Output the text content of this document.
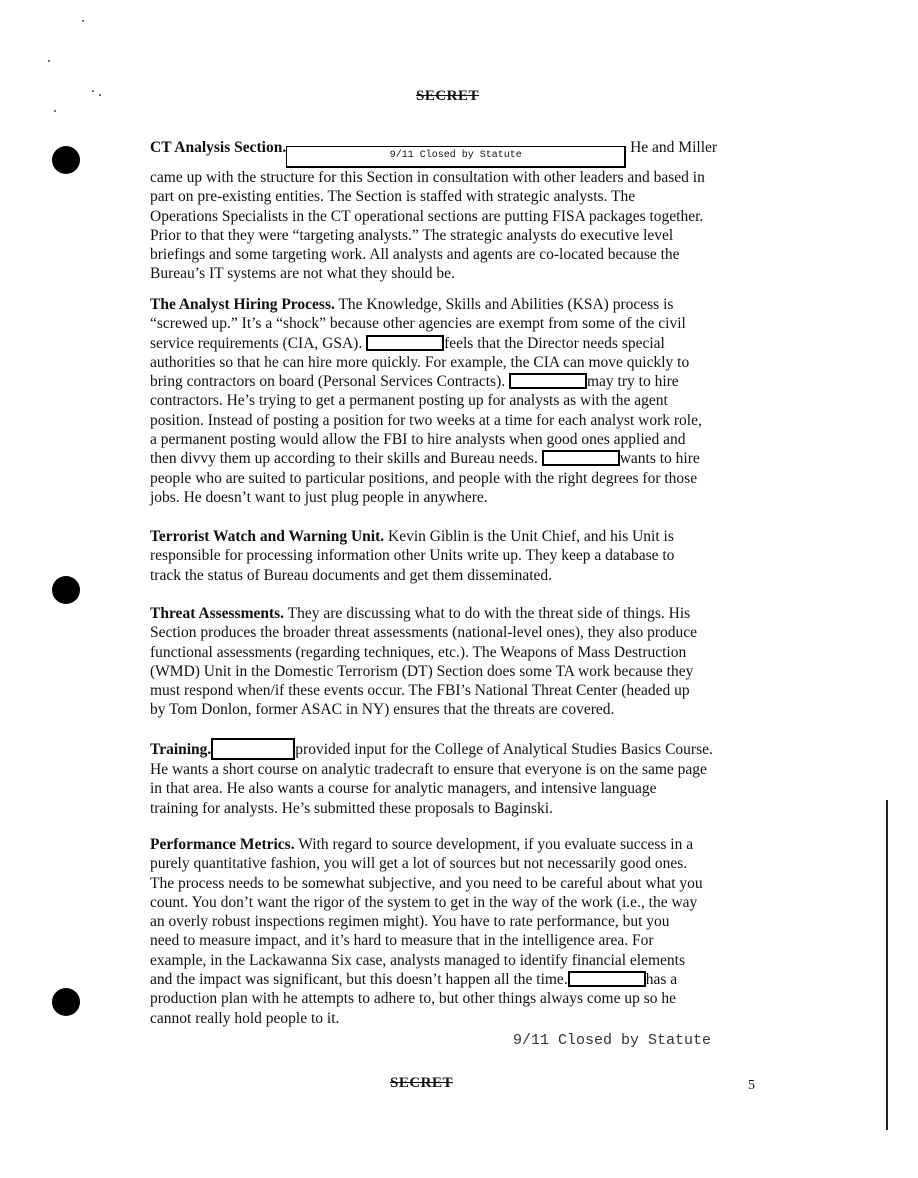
SECRET
CT Analysis Section.	9/11 Closed by Statute	He and Miller
came up with the structure for this Section in consultation with other leaders and based in
part on pre-existing entities. The Section is staffed with strategic analysts. The
Operations Specialists in the CT operational sections are putting FISA packages together.
Prior to that they were “targeting analysts.” The strategic analysts do executive level
briefings and some targeting work. All analysts and agents are co-located because the
Bureau’s IT systems are not what they should be.
The Analyst Hiring Process. The Knowledge, Skills and Abilities (KSA) process is
“screwed up.” It’s a “shock” because other agencies are exempt from some of the civil
service requirements (CIA, GSA).	feels that the Director needs special
authorities so that he can hire more quickly. For example, the CIA can move quickly to
bring contractors on board (Personal Services Contracts).	may try to hire
contractors. He’s trying to get a permanent posting up for analysts as with the agent
position. Instead of posting a position for two weeks at a time for each analyst work role,
a permanent posting would allow the FBI to hire analysts when good ones applied and
then divvy them up according to their skills and Bureau needs.	wants to hire
people who are suited to particular positions, and people with the right degrees for those
jobs. He doesn’t want to just plug people in anywhere.
Terrorist Watch and Warning Unit. Kevin Giblin is the Unit Chief, and his Unit is
responsible for processing information other Units write up. They keep a database to
track the status of Bureau documents and get them disseminated.
Threat Assessments. They are discussing what to do with the threat side of things. His
Section produces the broader threat assessments (national-level ones), they also produce
functional assessments (regarding techniques, etc.). The Weapons of Mass Destruction
(WMD) Unit in the Domestic Terrorism (DT) Section does some TA work because they
must respond when/if these events occur. The FBI’s National Threat Center (headed up
by Tom Donlon, former ASAC in NY) ensures that the threats are covered.
Training.	provided input for the College of Analytical Studies Basics Course.
He wants a short course on analytic tradecraft to ensure that everyone is on the same page
in that area. He also wants a course for analytic managers, and intensive language
training for analysts. He’s submitted these proposals to Baginski.
Performance Metrics. With regard to source development, if you evaluate success in a
purely quantitative fashion, you will get a lot of sources but not necessarily good ones.
The process needs to be somewhat subjective, and you need to be careful about what you
count. You don’t want the rigor of the system to get in the way of the work (i.e., the way
an overly robust inspections regimen might). You have to rate performance, but you
need to measure impact, and it’s hard to measure that in the intelligence area. For
example, in the Lackawanna Six case, analysts managed to identify financial elements
and the impact was significant, but this doesn’t happen all the time.	has a
production plan with he attempts to adhere to, but other things always come up so he
cannot really hold people to it.
9/11 Closed by Statute
SECRET	5
